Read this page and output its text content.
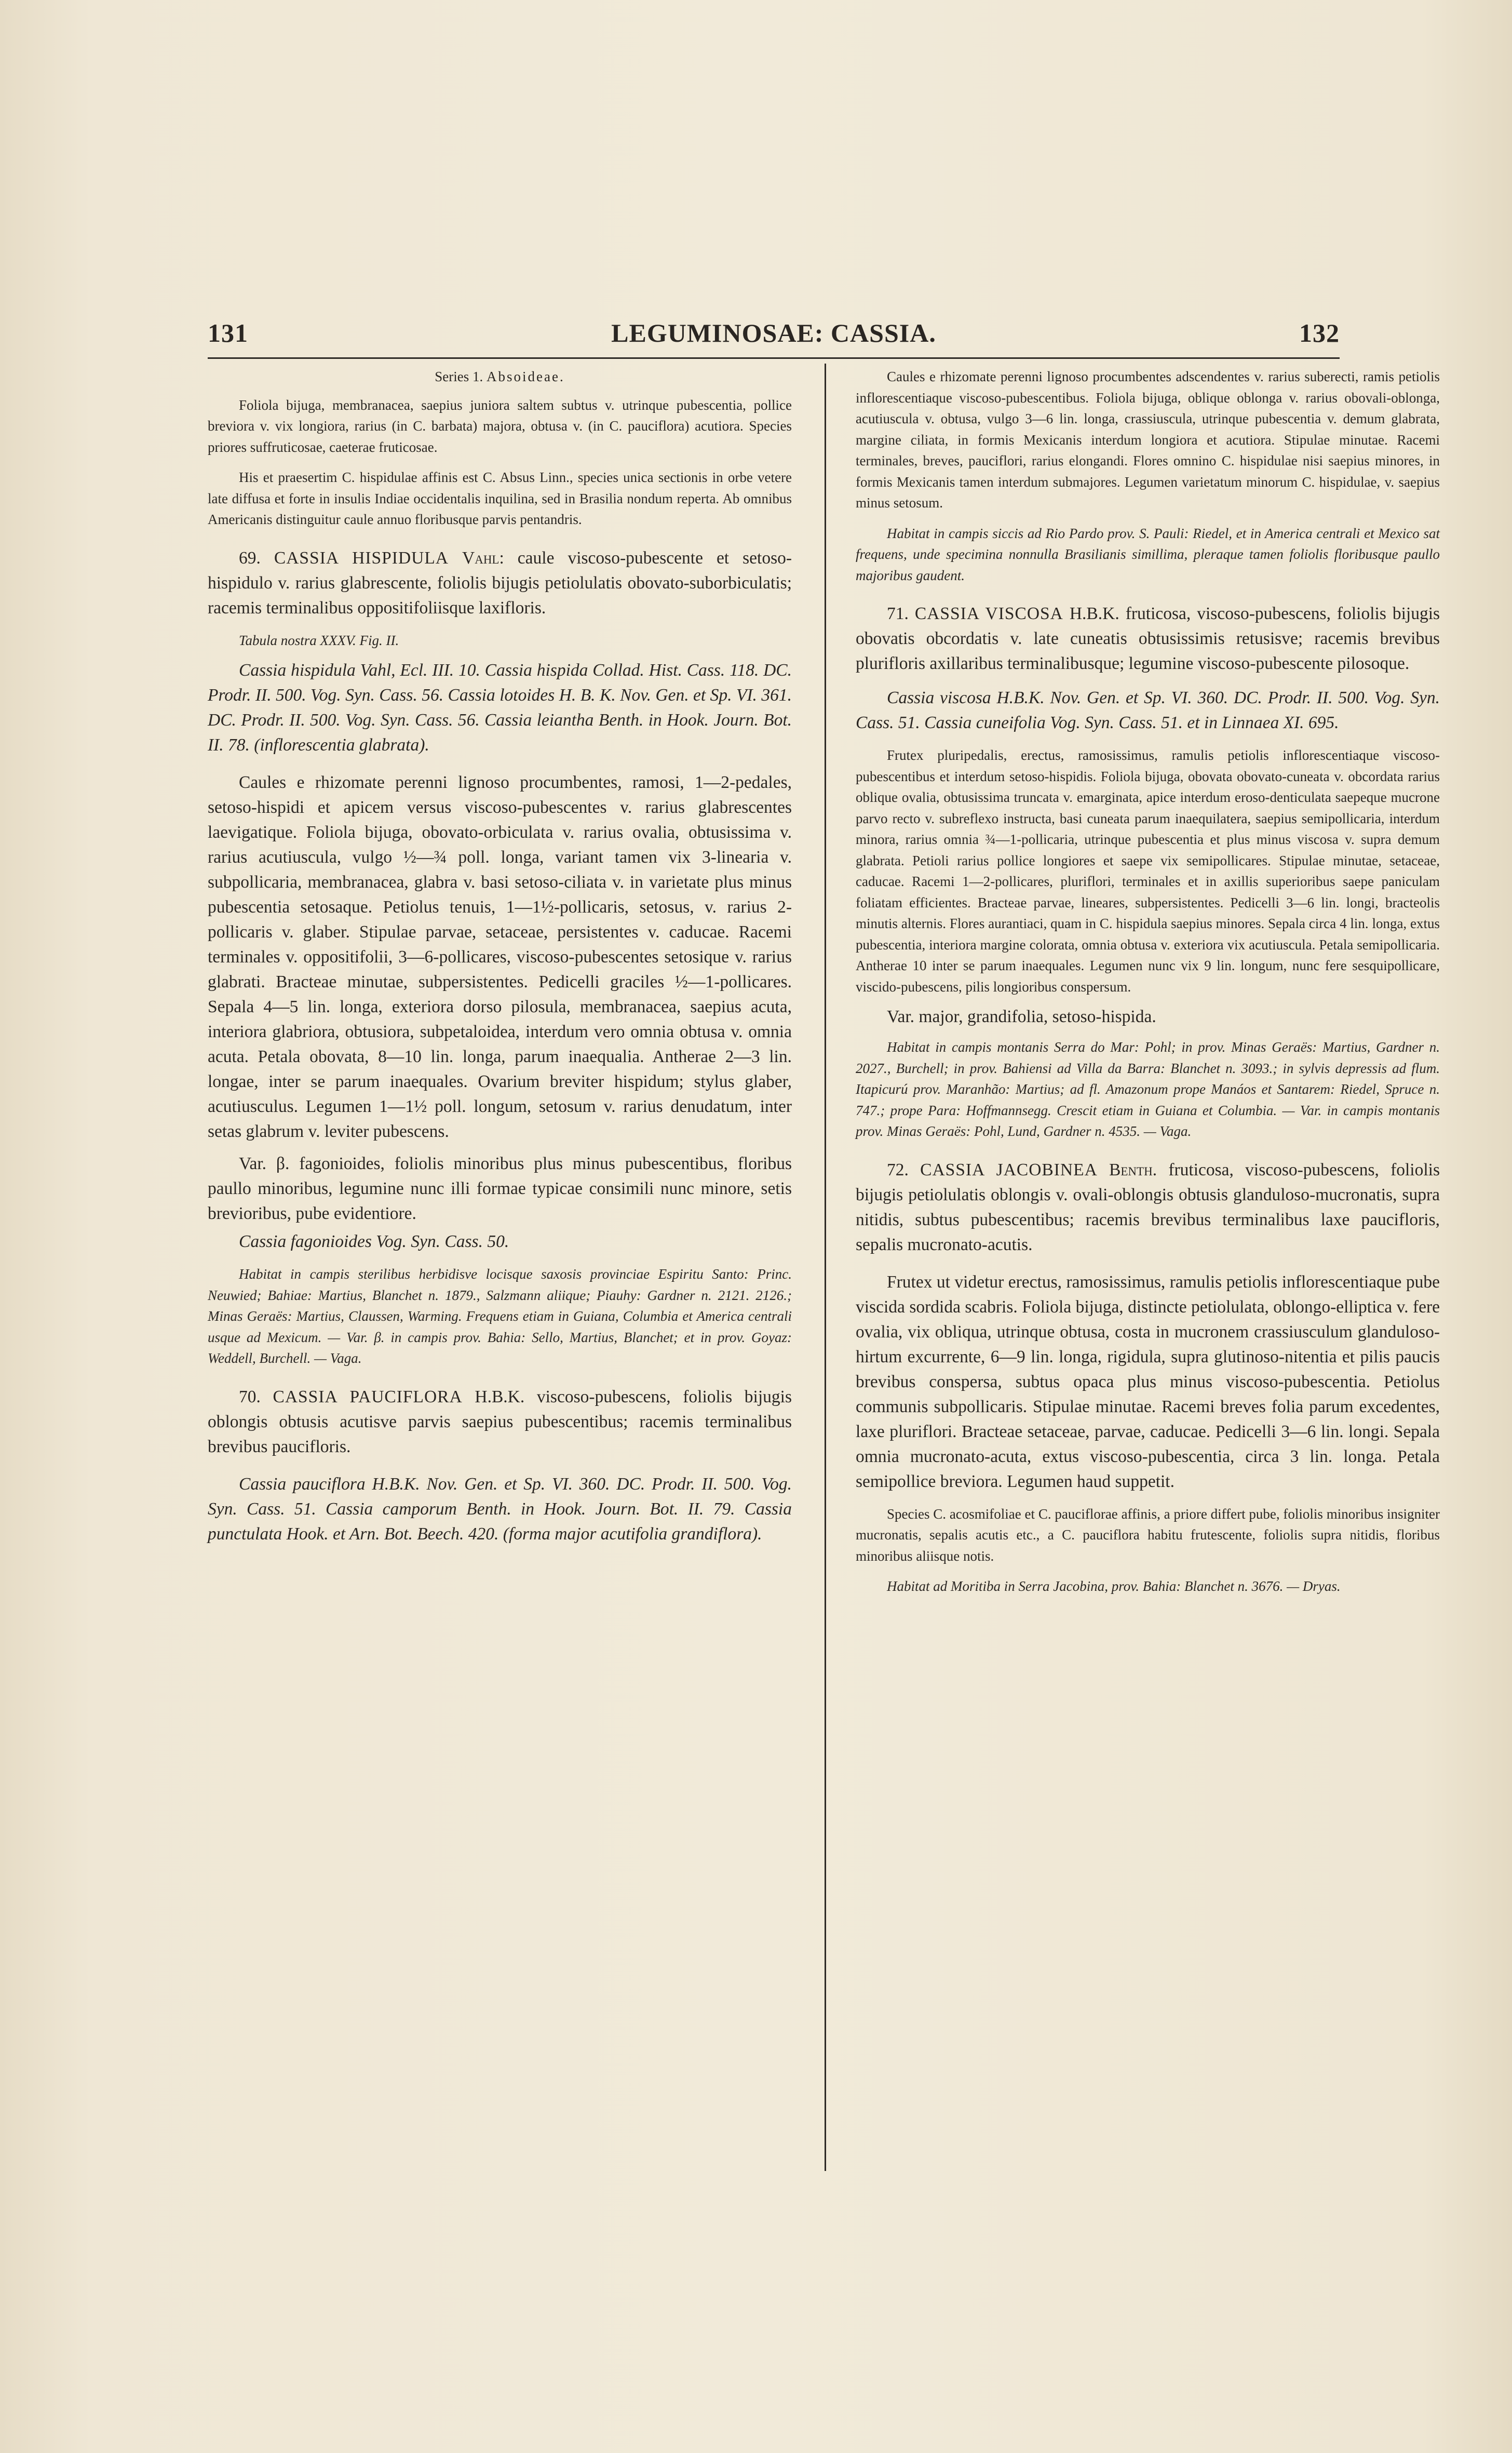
131	LEGUMINOSAE: CASSIA.	132

Series 1. Absoideae.

Foliola bijuga, membranacea, saepius juniora saltem subtus v. utrinque pubescentia, pollice breviora v. vix longiora, rarius (in C. barbata) majora, obtusa v. (in C. pauciflora) acutiora. Species priores suffruticosae, caeterae fruticosae.

His et praesertim C. hispidulae affinis est C. Absus Linn., species unica sectionis in orbe vetere late diffusa et forte in insulis Indiae occidentalis inquilina, sed in Brasilia nondum reperta. Ab omnibus Americanis distinguitur caule annuo floribusque parvis pentandris.

69. CASSIA HISPIDULA Vahl: caule viscoso-pubescente et setoso-hispidulo v. rarius glabrescente, foliolis bijugis petiolulatis obovato-suborbiculatis; racemis terminalibus oppositifoliisque laxifloris.

Tabula nostra XXXV. Fig. II.

Cassia hispidula Vahl, Ecl. III. 10. Cassia hispida Collad. Hist. Cass. 118. DC. Prodr. II. 500. Vog. Syn. Cass. 56. Cassia lotoides H. B. K. Nov. Gen. et Sp. VI. 361. DC. Prodr. II. 500. Vog. Syn. Cass. 56. Cassia leiantha Benth. in Hook. Journ. Bot. II. 78. (inflorescentia glabrata).

Caules e rhizomate perenni lignoso procumbentes, ramosi, 1—2-pedales, setoso-hispidi et apicem versus viscoso-pubescentes v. rarius glabrescentes laevigatique. Foliola bijuga, obovato-orbiculata v. rarius ovalia, obtusissima v. rarius acutiuscula, vulgo ½—¾ poll. longa, variant tamen vix 3-linearia v. subpollicaria, membranacea, glabra v. basi setoso-ciliata v. in varietate plus minus pubescentia setosaque. Petiolus tenuis, 1—1½-pollicaris, setosus, v. rarius 2-pollicaris v. glaber. Stipulae parvae, setaceae, persistentes v. caducae. Racemi terminales v. oppositifolii, 3—6-pollicares, viscoso-pubescentes setosique v. rarius glabrati. Bracteae minutae, subpersistentes. Pedicelli graciles ½—1-pollicares. Sepala 4—5 lin. longa, exteriora dorso pilosula, membranacea, saepius acuta, interiora glabriora, obtusiora, subpetaloidea, interdum vero omnia obtusa v. omnia acuta. Petala obovata, 8—10 lin. longa, parum inaequalia. Antherae 2—3 lin. longae, inter se parum inaequales. Ovarium breviter hispidum; stylus glaber, acutiusculus. Legumen 1—1½ poll. longum, setosum v. rarius denudatum, inter setas glabrum v. leviter pubescens.

Var. β. fagonioides, foliolis minoribus plus minus pubescentibus, floribus paullo minoribus, legumine nunc illi formae typicae consimili nunc minore, setis brevioribus, pube evidentiore.

Cassia fagonioides Vog. Syn. Cass. 50.

Habitat in campis sterilibus herbidisve locisque saxosis provinciae Espiritu Santo: Princ. Neuwied; Bahiae: Martius, Blanchet n. 1879., Salzmann aliique; Piauhy: Gardner n. 2121. 2126.; Minas Geraës: Martius, Claussen, Warming. Frequens etiam in Guiana, Columbia et America centrali usque ad Mexicum. — Var. β. in campis prov. Bahia: Sello, Martius, Blanchet; et in prov. Goyaz: Weddell, Burchell. — Vaga.

70. CASSIA PAUCIFLORA H.B.K. viscoso-pubescens, foliolis bijugis oblongis obtusis acutisve parvis saepius pubescentibus; racemis terminalibus brevibus paucifloris.

Cassia pauciflora H.B.K. Nov. Gen. et Sp. VI. 360. DC. Prodr. II. 500. Vog. Syn. Cass. 51. Cassia camporum Benth. in Hook. Journ. Bot. II. 79. Cassia punctulata Hook. et Arn. Bot. Beech. 420. (forma major acutifolia grandiflora).

Caules e rhizomate perenni lignoso procumbentes adscendentes v. rarius suberecti, ramis petiolis inflorescentiaque viscoso-pubescentibus. Foliola bijuga, oblique oblonga v. rarius obovali-oblonga, acutiuscula v. obtusa, vulgo 3—6 lin. longa, crassiuscula, utrinque pubescentia v. demum glabrata, margine ciliata, in formis Mexicanis interdum longiora et acutiora. Stipulae minutae. Racemi terminales, breves, pauciflori, rarius elongandi. Flores omnino C. hispidulae nisi saepius minores, in formis Mexicanis tamen interdum submajores. Legumen varietatum minorum C. hispidulae, v. saepius minus setosum.

Habitat in campis siccis ad Rio Pardo prov. S. Pauli: Riedel, et in America centrali et Mexico sat frequens, unde specimina nonnulla Brasilianis simillima, pleraque tamen foliolis floribusque paullo majoribus gaudent.

71. CASSIA VISCOSA H.B.K. fruticosa, viscoso-pubescens, foliolis bijugis obovatis obcordatis v. late cuneatis obtusissimis retusisve; racemis brevibus plurifloris axillaribus terminalibusque; legumine viscoso-pubescente pilosoque.

Cassia viscosa H.B.K. Nov. Gen. et Sp. VI. 360. DC. Prodr. II. 500. Vog. Syn. Cass. 51. Cassia cuneifolia Vog. Syn. Cass. 51. et in Linnaea XI. 695.

Frutex pluripedalis, erectus, ramosissimus, ramulis petiolis inflorescentiaque viscoso-pubescentibus et interdum setoso-hispidis. Foliola bijuga, obovata obovato-cuneata v. obcordata rarius oblique ovalia, obtusissima truncata v. emarginata, apice interdum eroso-denticulata saepeque mucrone parvo recto v. subreflexo instructa, basi cuneata parum inaequilatera, saepius semipollicaria, interdum minora, rarius omnia ¾—1-pollicaria, utrinque pubescentia et plus minus viscosa v. supra demum glabrata. Petioli rarius pollice longiores et saepe vix semipollicares. Stipulae minutae, setaceae, caducae. Racemi 1—2-pollicares, pluriflori, terminales et in axillis superioribus saepe paniculam foliatam efficientes. Bracteae parvae, lineares, subpersistentes. Pedicelli 3—6 lin. longi, bracteolis minutis alternis. Flores aurantiaci, quam in C. hispidula saepius minores. Sepala circa 4 lin. longa, extus pubescentia, interiora margine colorata, omnia obtusa v. exteriora vix acutiuscula. Petala semipollicaria. Antherae 10 inter se parum inaequales. Legumen nunc vix 9 lin. longum, nunc fere sesquipollicare, viscido-pubescens, pilis longioribus conspersum.

Var. major, grandifolia, setoso-hispida.

Habitat in campis montanis Serra do Mar: Pohl; in prov. Minas Geraës: Martius, Gardner n. 2027., Burchell; in prov. Bahiensi ad Villa da Barra: Blanchet n. 3093.; in sylvis depressis ad flum. Itapicurú prov. Maranhão: Martius; ad fl. Amazonum prope Manáos et Santarem: Riedel, Spruce n. 747.; prope Para: Hoffmannsegg. Crescit etiam in Guiana et Columbia. — Var. in campis montanis prov. Minas Geraës: Pohl, Lund, Gardner n. 4535. — Vaga.

72. CASSIA JACOBINEA Benth. fruticosa, viscoso-pubescens, foliolis bijugis petiolulatis oblongis v. ovali-oblongis obtusis glanduloso-mucronatis, supra nitidis, subtus pubescentibus; racemis brevibus terminalibus laxe paucifloris, sepalis mucronato-acutis.

Frutex ut videtur erectus, ramosissimus, ramulis petiolis inflorescentiaque pube viscida sordida scabris. Foliola bijuga, distincte petiolulata, oblongo-elliptica v. fere ovalia, vix obliqua, utrinque obtusa, costa in mucronem crassiusculum glanduloso-hirtum excurrente, 6—9 lin. longa, rigidula, supra glutinoso-nitentia et pilis paucis brevibus conspersa, subtus opaca plus minus viscoso-pubescentia. Petiolus communis subpollicaris. Stipulae minutae. Racemi breves folia parum excedentes, laxe pluriflori. Bracteae setaceae, parvae, caducae. Pedicelli 3—6 lin. longi. Sepala omnia mucronato-acuta, extus viscoso-pubescentia, circa 3 lin. longa. Petala semipollice breviora. Legumen haud suppetit.

Species C. acosmifoliae et C. pauciflorae affinis, a priore differt pube, foliolis minoribus insigniter mucronatis, sepalis acutis etc., a C. pauciflora habitu frutescente, foliolis supra nitidis, floribus minoribus aliisque notis.

Habitat ad Moritiba in Serra Jacobina, prov. Bahia: Blanchet n. 3676. — Dryas.
